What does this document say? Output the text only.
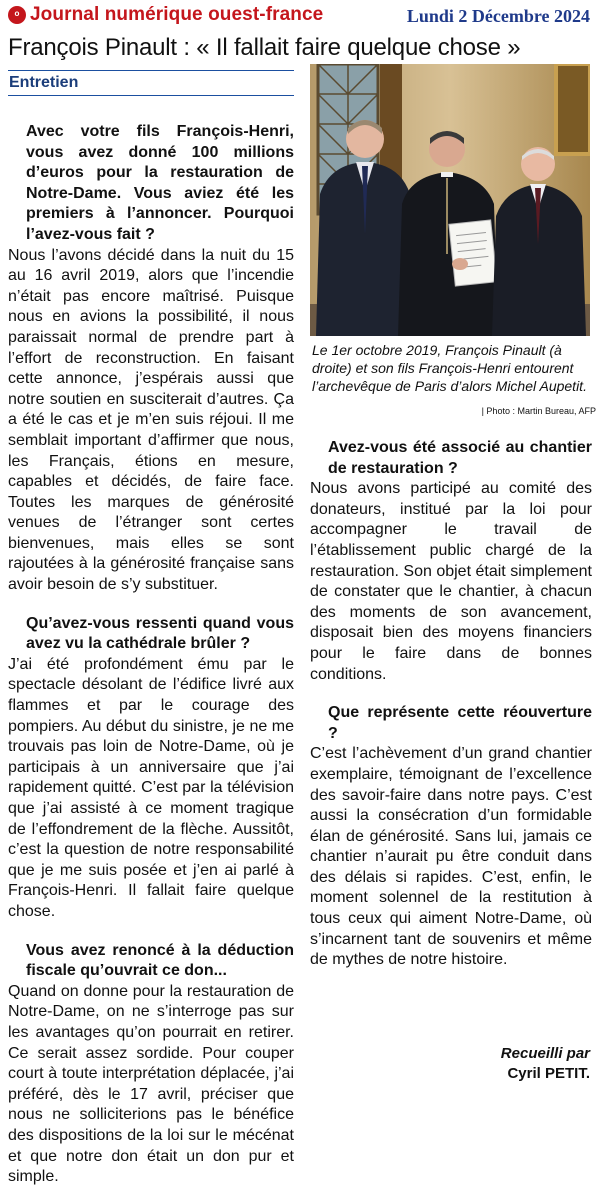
ᵒ Journal numérique ouest-france	Lundi 2 Décembre 2024
François Pinault : « Il fallait faire quelque chose »
Entretien
Le 1er octobre 2019, François Pinault (à droite) et son fils François-Henri entourent l’archevêque de Paris d’alors Michel Aupetit.
| Photo : Martin Bureau, AFP

Avec votre fils François-Henri, vous avez donné 100 millions d’euros pour la restauration de Notre-Dame. Vous aviez été les premiers à l’annoncer. Pourquoi l’avez-vous fait ?

Nous l’avons décidé dans la nuit du 15 au 16 avril 2019, alors que l’incendie n’était pas encore maîtrisé. Puisque nous en avions la possibilité, il nous paraissait normal de prendre part à l’effort de reconstruction. En faisant cette annonce, j’espérais aussi que notre soutien en susciterait d’autres. Ça a été le cas et je m’en suis réjoui. Il me semblait important d’affirmer que nous, les Français, étions en mesure, capables et décidés, de faire face. Toutes les marques de générosité venues de l’étranger sont certes bienvenues, mais elles se sont rajoutées à la générosité française sans avoir besoin de s’y substituer.

Qu’avez-vous ressenti quand vous avez vu la cathédrale brûler ?

J’ai été profondément ému par le spectacle désolant de l’édifice livré aux flammes et par le courage des pompiers. Au début du sinistre, je ne me trouvais pas loin de Notre-Dame, où je participais à un anniversaire que j’ai rapidement quitté. C’est par la télévision que j’ai assisté à ce moment tragique de l’effondrement de la flèche. Aussitôt, c’est la question de notre responsabilité que je me suis posée et j’en ai parlé à François-Henri. Il fallait faire quelque chose.

Vous avez renoncé à la déduction fiscale qu’ouvrait ce don...

Quand on donne pour la restauration de Notre-Dame, on ne s’interroge pas sur les avantages qu’on pourrait en retirer. Ce serait assez sordide. Pour couper court à toute interprétation déplacée, j’ai préféré, dès le 17 avril, préciser que nous ne solliciterions pas le bénéfice des dispositions de la loi sur le mécénat et que notre don était un don pur et simple.

Avez-vous été associé au chantier de restauration ?

Nous avons participé au comité des donateurs, institué par la loi pour accompagner le travail de l’établissement public chargé de la restauration. Son objet était simplement de constater que le chantier, à chacun des moments de son avancement, disposait bien des moyens financiers pour le faire dans de bonnes conditions.

Que représente cette réouverture ?

C’est l’achèvement d’un grand chantier exemplaire, témoignant de l’excellence des savoir-faire dans notre pays. C’est aussi la consécration d’un formidable élan de générosité. Sans lui, jamais ce chantier n’aurait pu être conduit dans des délais si rapides. C’est, enfin, le moment solennel de la restitution à tous ceux qui aiment Notre-Dame, où s’incarnent tant de souvenirs et même de mythes de notre histoire.

Recueilli par
Cyril PETIT.
